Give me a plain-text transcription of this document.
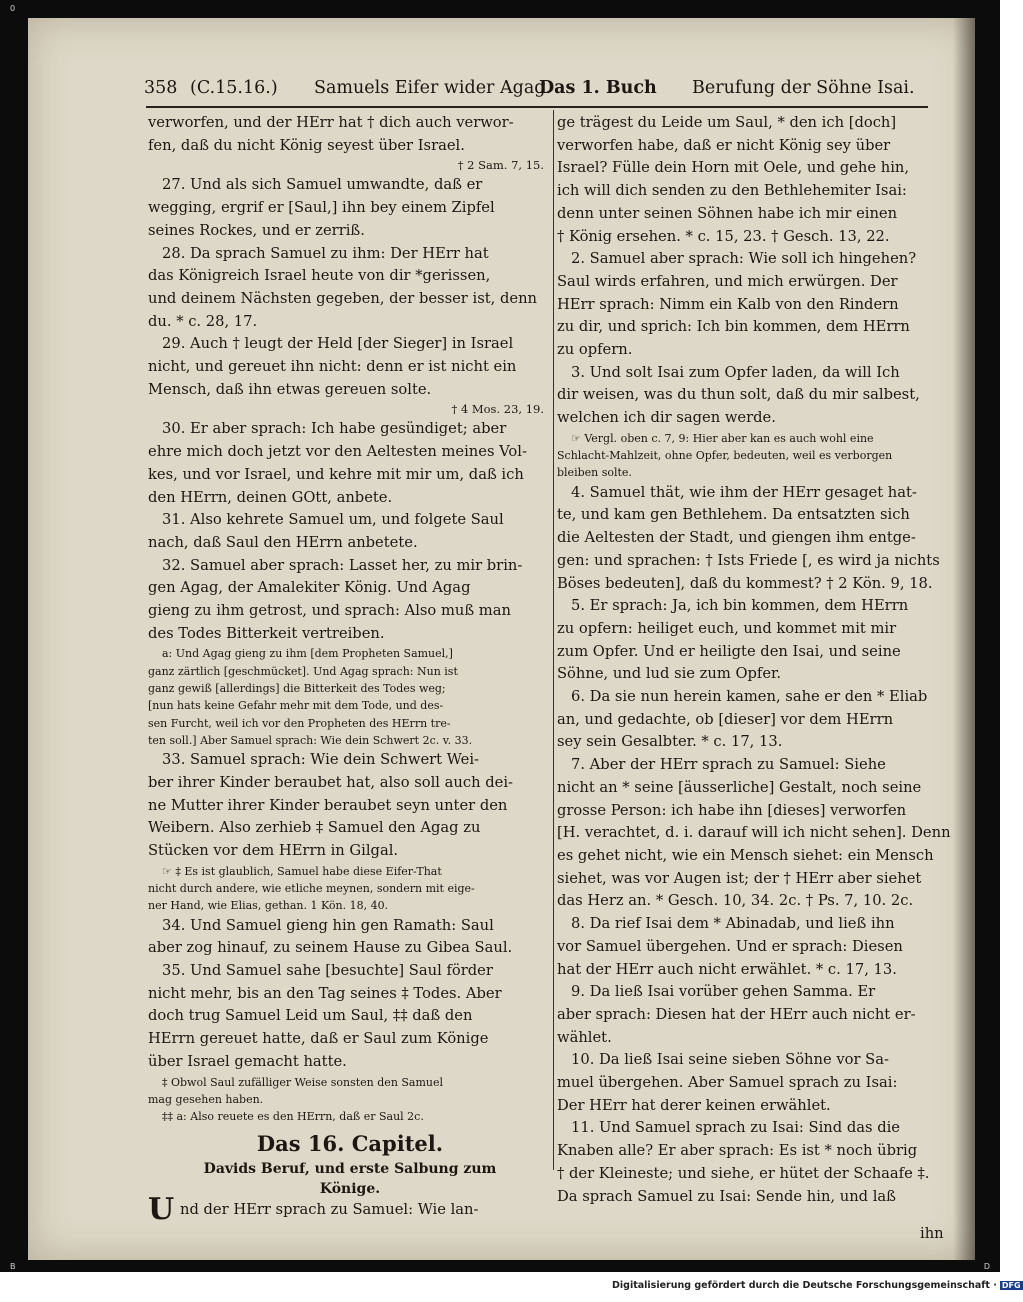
358 (C.15.16.) Samuels Eifer wider Agag.
Das 1. Buch Berufung der Söhne Isai.
verworfen, und der HErr hat † dich auch verwor-
fen, daß du nicht König seyest über Israel.
† 2 Sam. 7, 15.
27. Und als sich Samuel umwandte, daß er
wegging, ergrif er [Saul,] ihn bey einem Zipfel
seines Rockes, und er zerriß.
28. Da sprach Samuel zu ihm: Der HErr hat
das Königreich Israel heute von dir *gerissen,
und deinem Nächsten gegeben, der besser ist, denn
du. * c. 28, 17.
29. Auch † leugt der Held [der Sieger] in Israel
nicht, und gereuet ihn nicht: denn er ist nicht ein
Mensch, daß ihn etwas gereuen solte.
† 4 Mos. 23, 19.
30. Er aber sprach: Ich habe gesündiget; aber
ehre mich doch jetzt vor den Aeltesten meines Vol-
kes, und vor Israel, und kehre mit mir um, daß ich
den HErrn, deinen GOtt, anbete.
31. Also kehrete Samuel um, und folgete Saul
nach, daß Saul den HErrn anbetete.
32. Samuel aber sprach: Lasset her, zu mir brin-
gen Agag, der Amalekiter König. Und Agag
gieng zu ihm getrost, und sprach: Also muß man
des Todes Bitterkeit vertreiben.
a: Und Agag gieng zu ihm [dem Propheten Samuel,]
ganz zärtlich [geschmücket]. Und Agag sprach: Nun ist
ganz gewiß [allerdings] die Bitterkeit des Todes weg;
[nun hats keine Gefahr mehr mit dem Tode, und des-
sen Furcht, weil ich vor den Propheten des HErrn tre-
ten soll.] Aber Samuel sprach: Wie dein Schwert 2c. v. 33.
33. Samuel sprach: Wie dein Schwert Wei-
ber ihrer Kinder beraubet hat, also soll auch dei-
ne Mutter ihrer Kinder beraubet seyn unter den
Weibern. Also zerhieb ‡ Samuel den Agag zu
Stücken vor dem HErrn in Gilgal.
☞ ‡ Es ist glaublich, Samuel habe diese Eifer-That
nicht durch andere, wie etliche meynen, sondern mit eige-
ner Hand, wie Elias, gethan. 1 Kön. 18, 40.
34. Und Samuel gieng hin gen Ramath: Saul
aber zog hinauf, zu seinem Hause zu Gibea Saul.
35. Und Samuel sahe [besuchte] Saul förder
nicht mehr, bis an den Tag seines ‡ Todes. Aber
doch trug Samuel Leid um Saul, ‡‡ daß den
HErrn gereuet hatte, daß er Saul zum Könige
über Israel gemacht hatte.
‡ Obwol Saul zufälliger Weise sonsten den Samuel
mag gesehen haben.
‡‡ a: Also reuete es den HErrn, daß er Saul 2c.
Das 16. Capitel.
Davids Beruf, und erste Salbung zum
Könige.
Und der HErr sprach zu Samuel: Wie lan-
ge trägest du Leide um Saul, * den ich [doch]
verworfen habe, daß er nicht König sey über
Israel? Fülle dein Horn mit Oele, und gehe hin,
ich will dich senden zu den Bethlehemiter Isai:
denn unter seinen Söhnen habe ich mir einen
† König ersehen. * c. 15, 23. † Gesch. 13, 22.
2. Samuel aber sprach: Wie soll ich hingehen?
Saul wirds erfahren, und mich erwürgen. Der
HErr sprach: Nimm ein Kalb von den Rindern
zu dir, und sprich: Ich bin kommen, dem HErrn
zu opfern.
3. Und solt Isai zum Opfer laden, da will Ich
dir weisen, was du thun solt, daß du mir salbest,
welchen ich dir sagen werde.
☞ Vergl. oben c. 7, 9: Hier aber kan es auch wohl eine
Schlacht-Mahlzeit, ohne Opfer, bedeuten, weil es verborgen
bleiben solte.
4. Samuel thät, wie ihm der HErr gesaget hat-
te, und kam gen Bethlehem. Da entsatzten sich
die Aeltesten der Stadt, und giengen ihm entge-
gen: und sprachen: † Ists Friede [, es wird ja nichts
Böses bedeuten], daß du kommest? † 2 Kön. 9, 18.
5. Er sprach: Ja, ich bin kommen, dem HErrn
zu opfern: heiliget euch, und kommet mit mir
zum Opfer. Und er heiligte den Isai, und seine
Söhne, und lud sie zum Opfer.
6. Da sie nun herein kamen, sahe er den * Eliab
an, und gedachte, ob [dieser] vor dem HErrn
sey sein Gesalbter. * c. 17, 13.
7. Aber der HErr sprach zu Samuel: Siehe
nicht an * seine [äusserliche] Gestalt, noch seine
grosse Person: ich habe ihn [dieses] verworfen
[H. verachtet, d. i. darauf will ich nicht sehen]. Denn
es gehet nicht, wie ein Mensch siehet: ein Mensch
siehet, was vor Augen ist; der † HErr aber siehet
das Herz an. * Gesch. 10, 34. 2c. † Ps. 7, 10. 2c.
8. Da rief Isai dem * Abinadab, und ließ ihn
vor Samuel übergehen. Und er sprach: Diesen
hat der HErr auch nicht erwählet. * c. 17, 13.
9. Da ließ Isai vorüber gehen Samma. Er
aber sprach: Diesen hat der HErr auch nicht er-
wählet.
10. Da ließ Isai seine sieben Söhne vor Sa-
muel übergehen. Aber Samuel sprach zu Isai:
Der HErr hat derer keinen erwählet.
11. Und Samuel sprach zu Isai: Sind das die
Knaben alle? Er aber sprach: Es ist * noch übrig
† der Kleineste; und siehe, er hütet der Schaafe ‡.
Da sprach Samuel zu Isai: Sende hin, und laß
ihn
0
B	D
Digitalisierung gefördert durch die Deutsche Forschungsgemeinschaft · DFG
